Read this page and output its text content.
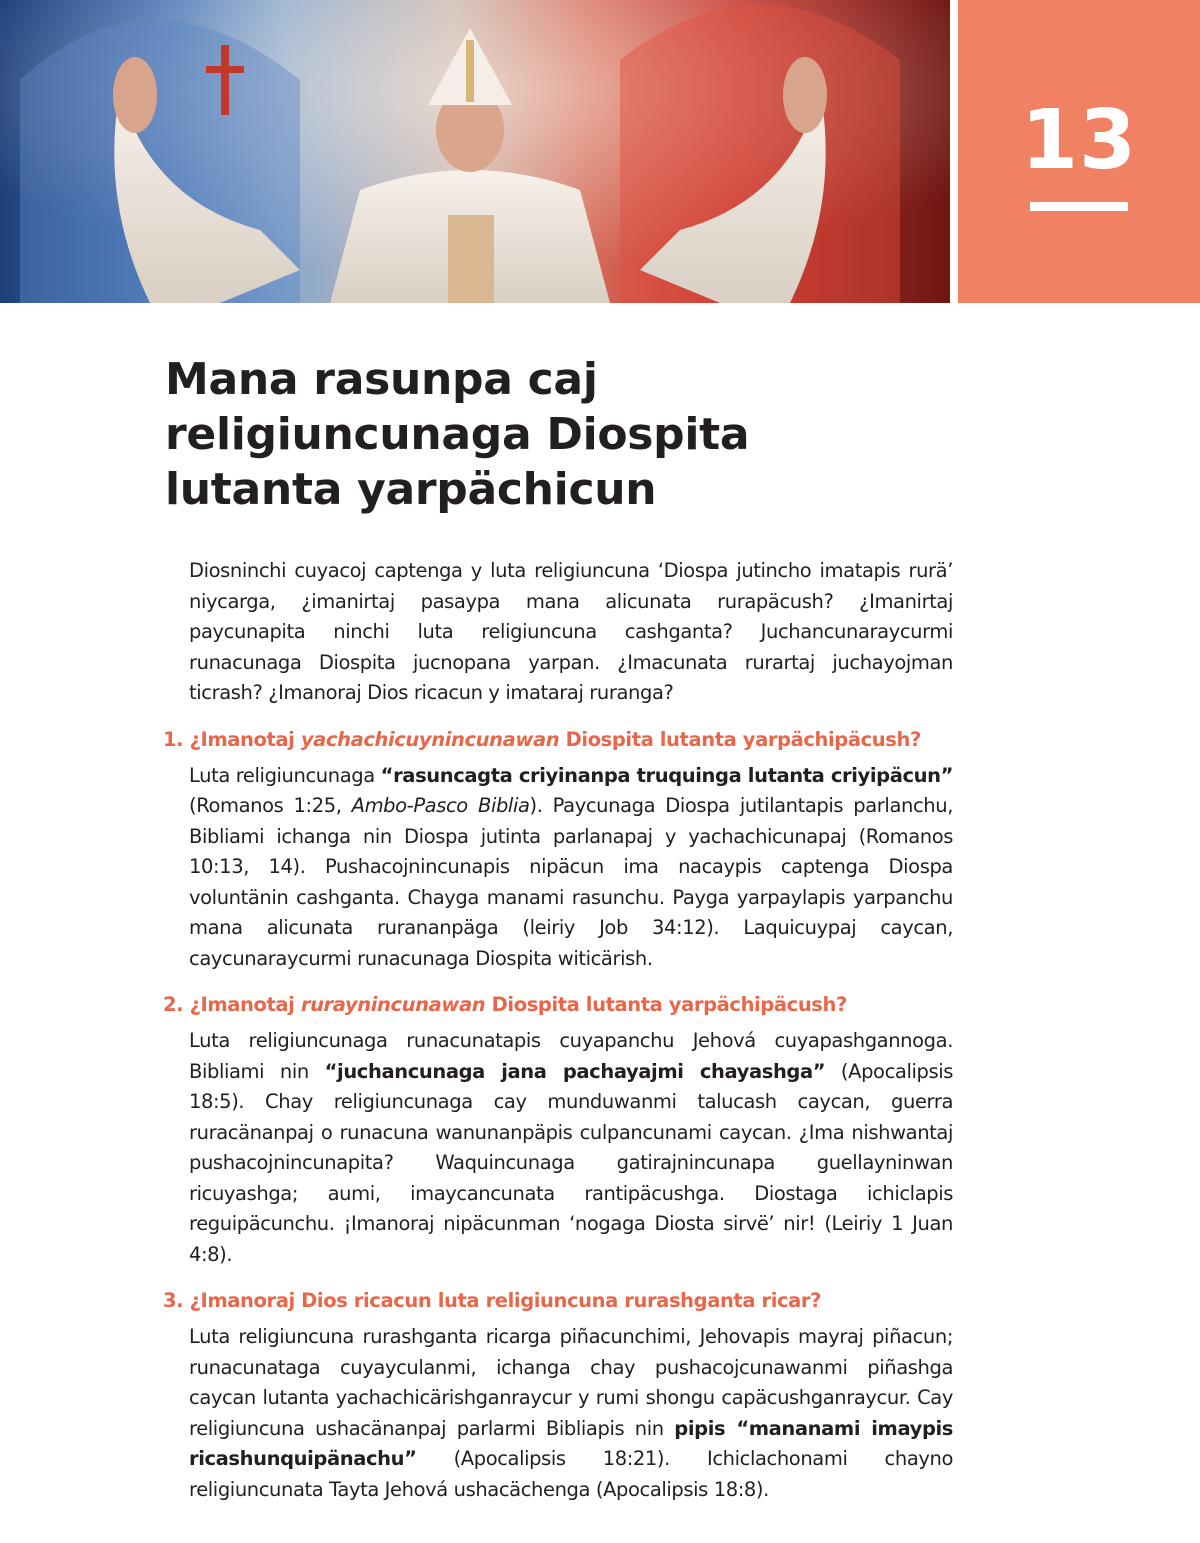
13
Mana rasunpa caj religiuncunaga Diospita lutanta yarpächicun

Diosninchi cuyacoj captenga y luta religiuncuna ‘Diospa jutincho imatapis rurä’ niycarga, ¿imanirtaj pasaypa mana alicunata rurapäcush? ¿Imanirtaj paycunapita ninchi luta religiuncuna cashganta? Juchancunaraycurmi runacunaga Diospita jucnopana yarpan. ¿Imacunata rurartaj juchayojman ticrash? ¿Imanoraj Dios ricacun y imataraj ruranga?

1. ¿Imanotaj yachachicuynincunawan Diospita lutanta yarpächipäcush?

Luta religiuncunaga “rasuncagta criyinanpa truquinga lutanta criyipäcun” (Romanos 1:25, Ambo-Pasco Biblia). Paycunaga Diospa jutilantapis parlanchu, Bibliami ichanga nin Diospa jutinta parlanapaj y yachachicunapaj (Romanos 10:13, 14). Pushacojnincunapis nipäcun ima nacaypis captenga Diospa voluntänin cashganta. Chayga manami rasunchu. Payga yarpaylapis yarpanchu mana alicunata rurananpäga (leiriy Job 34:12). Laquicuypaj caycan, caycunaraycurmi runacunaga Diospita witicärish.

2. ¿Imanotaj ruraynincunawan Diospita lutanta yarpächipäcush?

Luta religiuncunaga runacunatapis cuyapanchu Jehová cuyapashgannoga. Bibliami nin “juchancunaga jana pachayajmi chayashga” (Apocalipsis 18:5). Chay religiuncunaga cay munduwanmi talucash caycan, guerra ruracänanpaj o runacuna wanunanpäpis culpancunami caycan. ¿Ima nishwantaj pushacojnincunapita? Waquincunaga gatirajnincunapa guellayninwan ricuyashga; aumi, imaycancunata rantipäcushga. Diostaga ichiclapis reguipäcunchu. ¡Imanoraj nipäcunman ‘nogaga Diosta sirvë’ nir! (Leiriy 1 Juan 4:8).

3. ¿Imanoraj Dios ricacun luta religiuncuna rurashganta ricar?

Luta religiuncuna rurashganta ricarga piñacunchimi, Jehovapis mayraj piñacun; runacunataga cuyayculanmi, ichanga chay pushacojcunawanmi piñashga caycan lutanta yachachicärishganraycur y rumi shongu capäcushganraycur. Cay religiuncuna ushacänanpaj parlarmi Bibliapis nin pipis “mananami imaypis ricashunquipänachu” (Apocalipsis 18:21). Ichiclachonami chayno religiuncunata Tayta Jehová ushacächenga (Apocalipsis 18:8).
